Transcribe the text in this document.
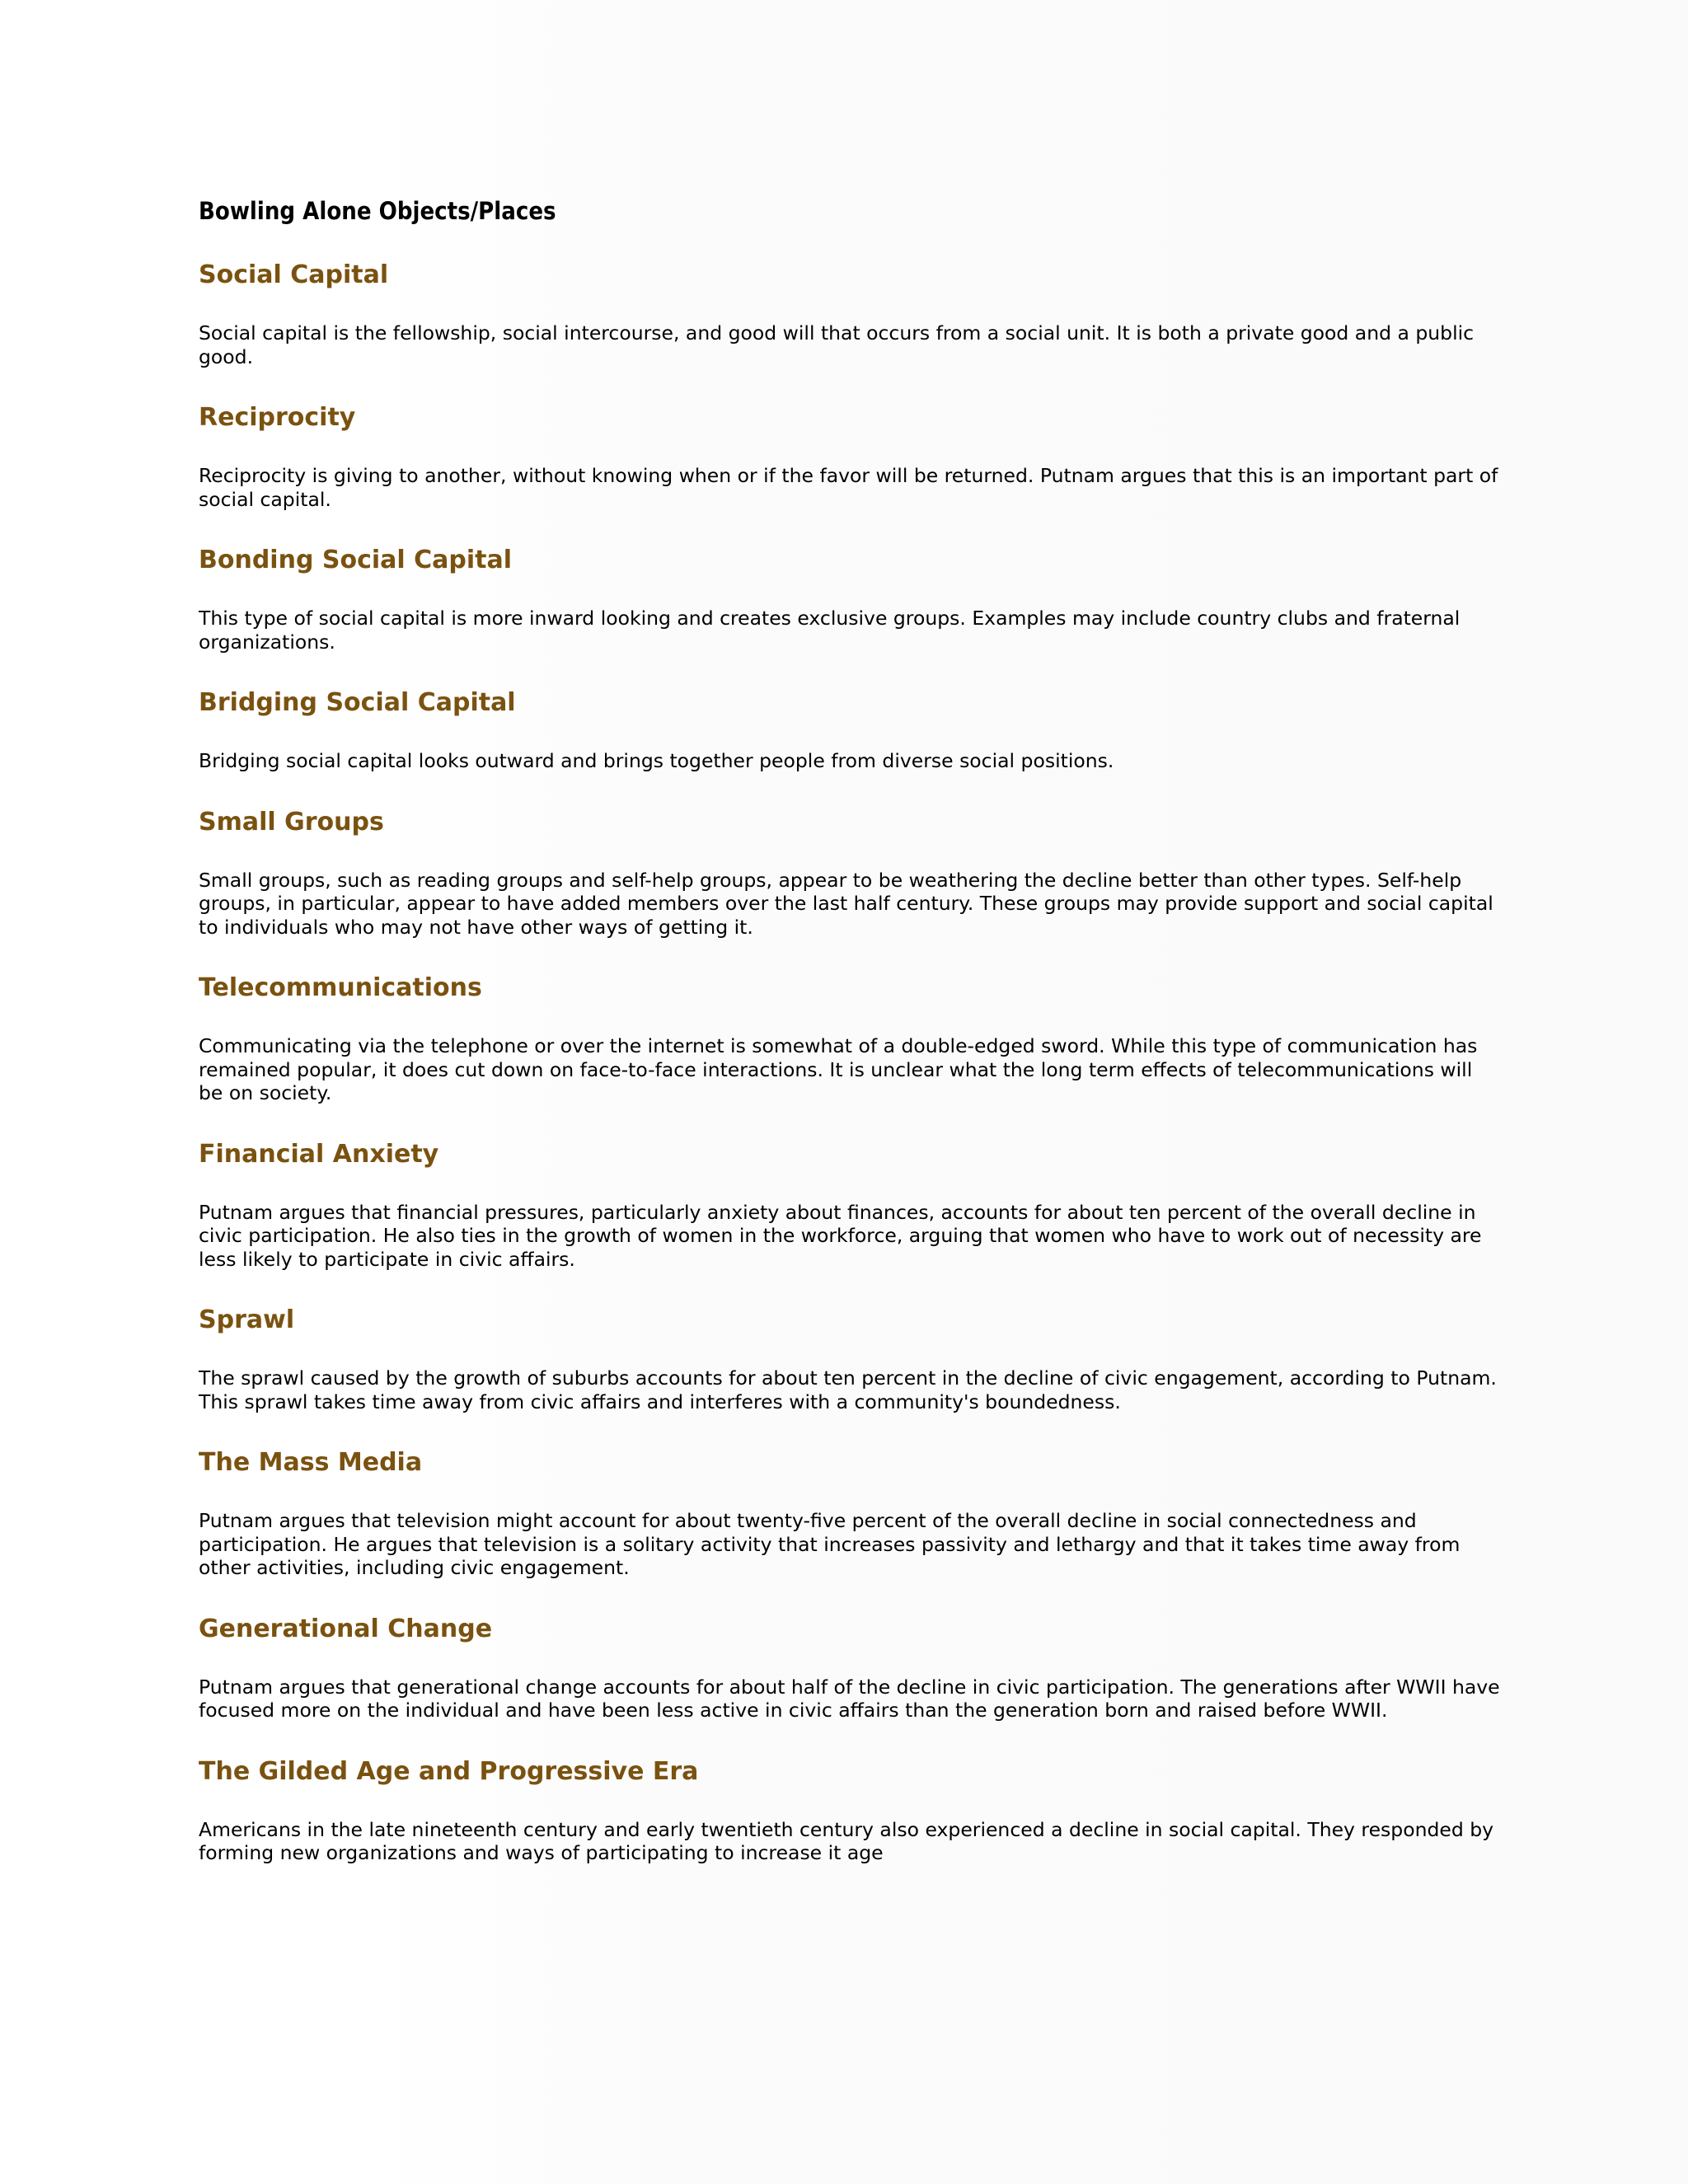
Bowling Alone Objects/Places
Social Capital

Social capital is the fellowship, social intercourse, and good will that occurs from a social unit. It is both a private good and a public good.

Reciprocity

Reciprocity is giving to another, without knowing when or if the favor will be returned. Putnam argues that this is an important part of social capital.

Bonding Social Capital

This type of social capital is more inward looking and creates exclusive groups. Examples may include country clubs and fraternal organizations.

Bridging Social Capital

Bridging social capital looks outward and brings together people from diverse social positions.

Small Groups

Small groups, such as reading groups and self-help groups, appear to be weathering the decline better than other types. Self-help groups, in particular, appear to have added members over the last half century. These groups may provide support and social capital to individuals who may not have other ways of getting it.

Telecommunications

Communicating via the telephone or over the internet is somewhat of a double-edged sword. While this type of communication has remained popular, it does cut down on face-to-face interactions. It is unclear what the long term effects of telecommunications will be on society.

Financial Anxiety

Putnam argues that financial pressures, particularly anxiety about finances, accounts for about ten percent of the overall decline in civic participation. He also ties in the growth of women in the workforce, arguing that women who have to work out of necessity are less likely to participate in civic affairs.

Sprawl

The sprawl caused by the growth of suburbs accounts for about ten percent in the decline of civic engagement, according to Putnam. This sprawl takes time away from civic affairs and interferes with a community's boundedness.

The Mass Media

Putnam argues that television might account for about twenty-five percent of the overall decline in social connectedness and participation. He argues that television is a solitary activity that increases passivity and lethargy and that it takes time away from other activities, including civic engagement.

Generational Change

Putnam argues that generational change accounts for about half of the decline in civic participation. The generations after WWII have focused more on the individual and have been less active in civic affairs than the generation born and raised before WWII.

The Gilded Age and Progressive Era

Americans in the late nineteenth century and early twentieth century also experienced a decline in social capital. They responded by forming new organizations and ways of participating to increase it age
